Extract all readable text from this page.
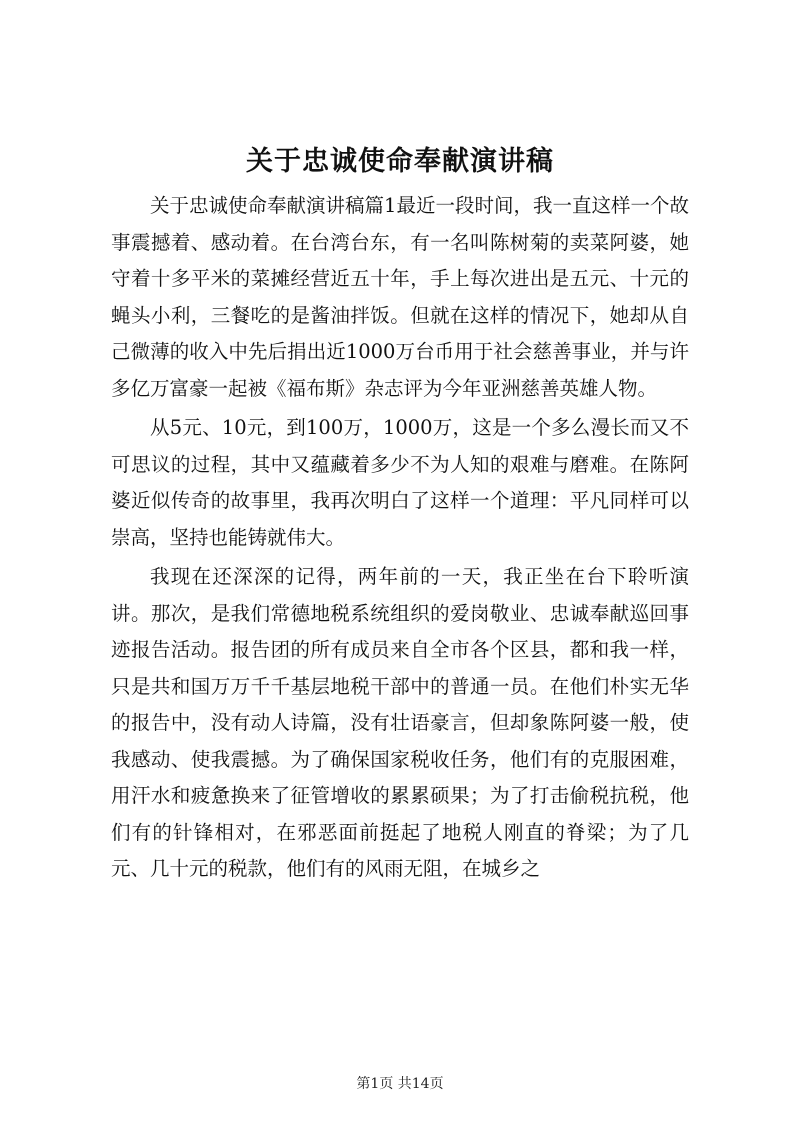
关于忠诚使命奉献演讲稿

关于忠诚使命奉献演讲稿篇1最近一段时间，我一直这样一个故事震撼着、感动着。在台湾台东，有一名叫陈树菊的卖菜阿婆，她守着十多平米的菜摊经营近五十年，手上每次进出是五元、十元的蝇头小利，三餐吃的是酱油拌饭。但就在这样的情况下，她却从自己微薄的收入中先后捐出近1000万台币用于社会慈善事业，并与许多亿万富豪一起被《福布斯》杂志评为今年亚洲慈善英雄人物。

从5元、10元，到100万，1000万，这是一个多么漫长而又不可思议的过程，其中又蕴藏着多少不为人知的艰难与磨难。在陈阿婆近似传奇的故事里，我再次明白了这样一个道理：平凡同样可以崇高，坚持也能铸就伟大。

我现在还深深的记得，两年前的一天，我正坐在台下聆听演讲。那次，是我们常德地税系统组织的爱岗敬业、忠诚奉献巡回事迹报告活动。报告团的所有成员来自全市各个区县，都和我一样，只是共和国万万千千基层地税干部中的普通一员。在他们朴实无华的报告中，没有动人诗篇，没有壮语豪言，但却象陈阿婆一般，使我感动、使我震撼。为了确保国家税收任务，他们有的克服困难，用汗水和疲惫换来了征管增收的累累硕果；为了打击偷税抗税，他们有的针锋相对，在邪恶面前挺起了地税人刚直的脊梁；为了几元、几十元的税款，他们有的风雨无阻，在城乡之

第1页 共14页
